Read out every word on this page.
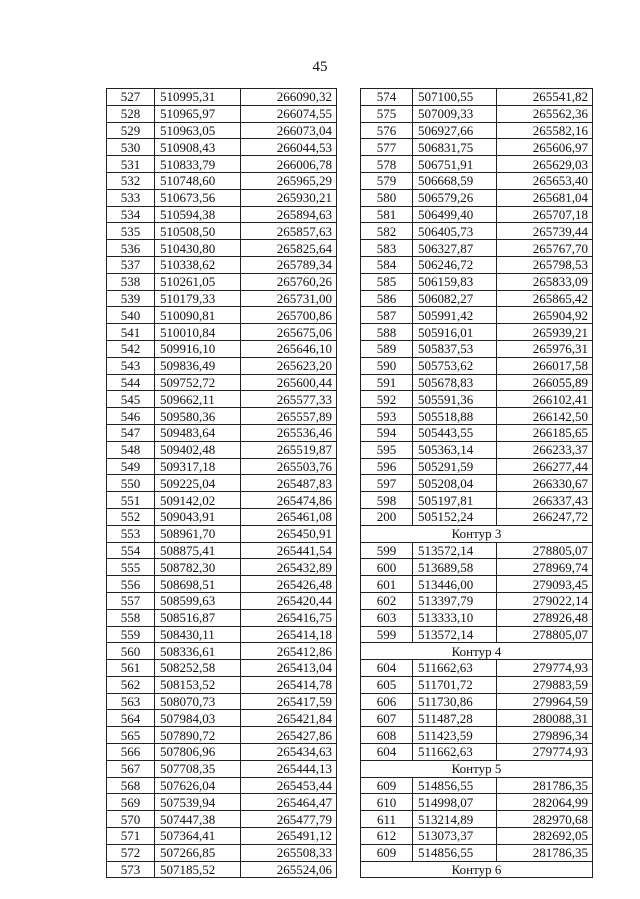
45
527	510995,31	266090,32
528	510965,97	266074,55
529	510963,05	266073,04
530	510908,43	266044,53
531	510833,79	266006,78
532	510748,60	265965,29
533	510673,56	265930,21
534	510594,38	265894,63
535	510508,50	265857,63
536	510430,80	265825,64
537	510338,62	265789,34
538	510261,05	265760,26
539	510179,33	265731,00
540	510090,81	265700,86
541	510010,84	265675,06
542	509916,10	265646,10
543	509836,49	265623,20
544	509752,72	265600,44
545	509662,11	265577,33
546	509580,36	265557,89
547	509483,64	265536,46
548	509402,48	265519,87
549	509317,18	265503,76
550	509225,04	265487,83
551	509142,02	265474,86
552	509043,91	265461,08
553	508961,70	265450,91
554	508875,41	265441,54
555	508782,30	265432,89
556	508698,51	265426,48
557	508599,63	265420,44
558	508516,87	265416,75
559	508430,11	265414,18
560	508336,61	265412,86
561	508252,58	265413,04
562	508153,52	265414,78
563	508070,73	265417,59
564	507984,03	265421,84
565	507890,72	265427,86
566	507806,96	265434,63
567	507708,35	265444,13
568	507626,04	265453,44
569	507539,94	265464,47
570	507447,38	265477,79
571	507364,41	265491,12
572	507266,85	265508,33
573	507185,52	265524,06
574	507100,55	265541,82
575	507009,33	265562,36
576	506927,66	265582,16
577	506831,75	265606,97
578	506751,91	265629,03
579	506668,59	265653,40
580	506579,26	265681,04
581	506499,40	265707,18
582	506405,73	265739,44
583	506327,87	265767,70
584	506246,72	265798,53
585	506159,83	265833,09
586	506082,27	265865,42
587	505991,42	265904,92
588	505916,01	265939,21
589	505837,53	265976,31
590	505753,62	266017,58
591	505678,83	266055,89
592	505591,36	266102,41
593	505518,88	266142,50
594	505443,55	266185,65
595	505363,14	266233,37
596	505291,59	266277,44
597	505208,04	266330,67
598	505197,81	266337,43
200	505152,24	266247,72
Контур 3		
599	513572,14	278805,07
600	513689,58	278969,74
601	513446,00	279093,45
602	513397,79	279022,14
603	513333,10	278926,48
599	513572,14	278805,07
Контур 4		
604	511662,63	279774,93
605	511701,72	279883,59
606	511730,86	279964,59
607	511487,28	280088,31
608	511423,59	279896,34
604	511662,63	279774,93
Контур 5		
609	514856,55	281786,35
610	514998,07	282064,99
611	513214,89	282970,68
612	513073,37	282692,05
609	514856,55	281786,35
Контур 6		
